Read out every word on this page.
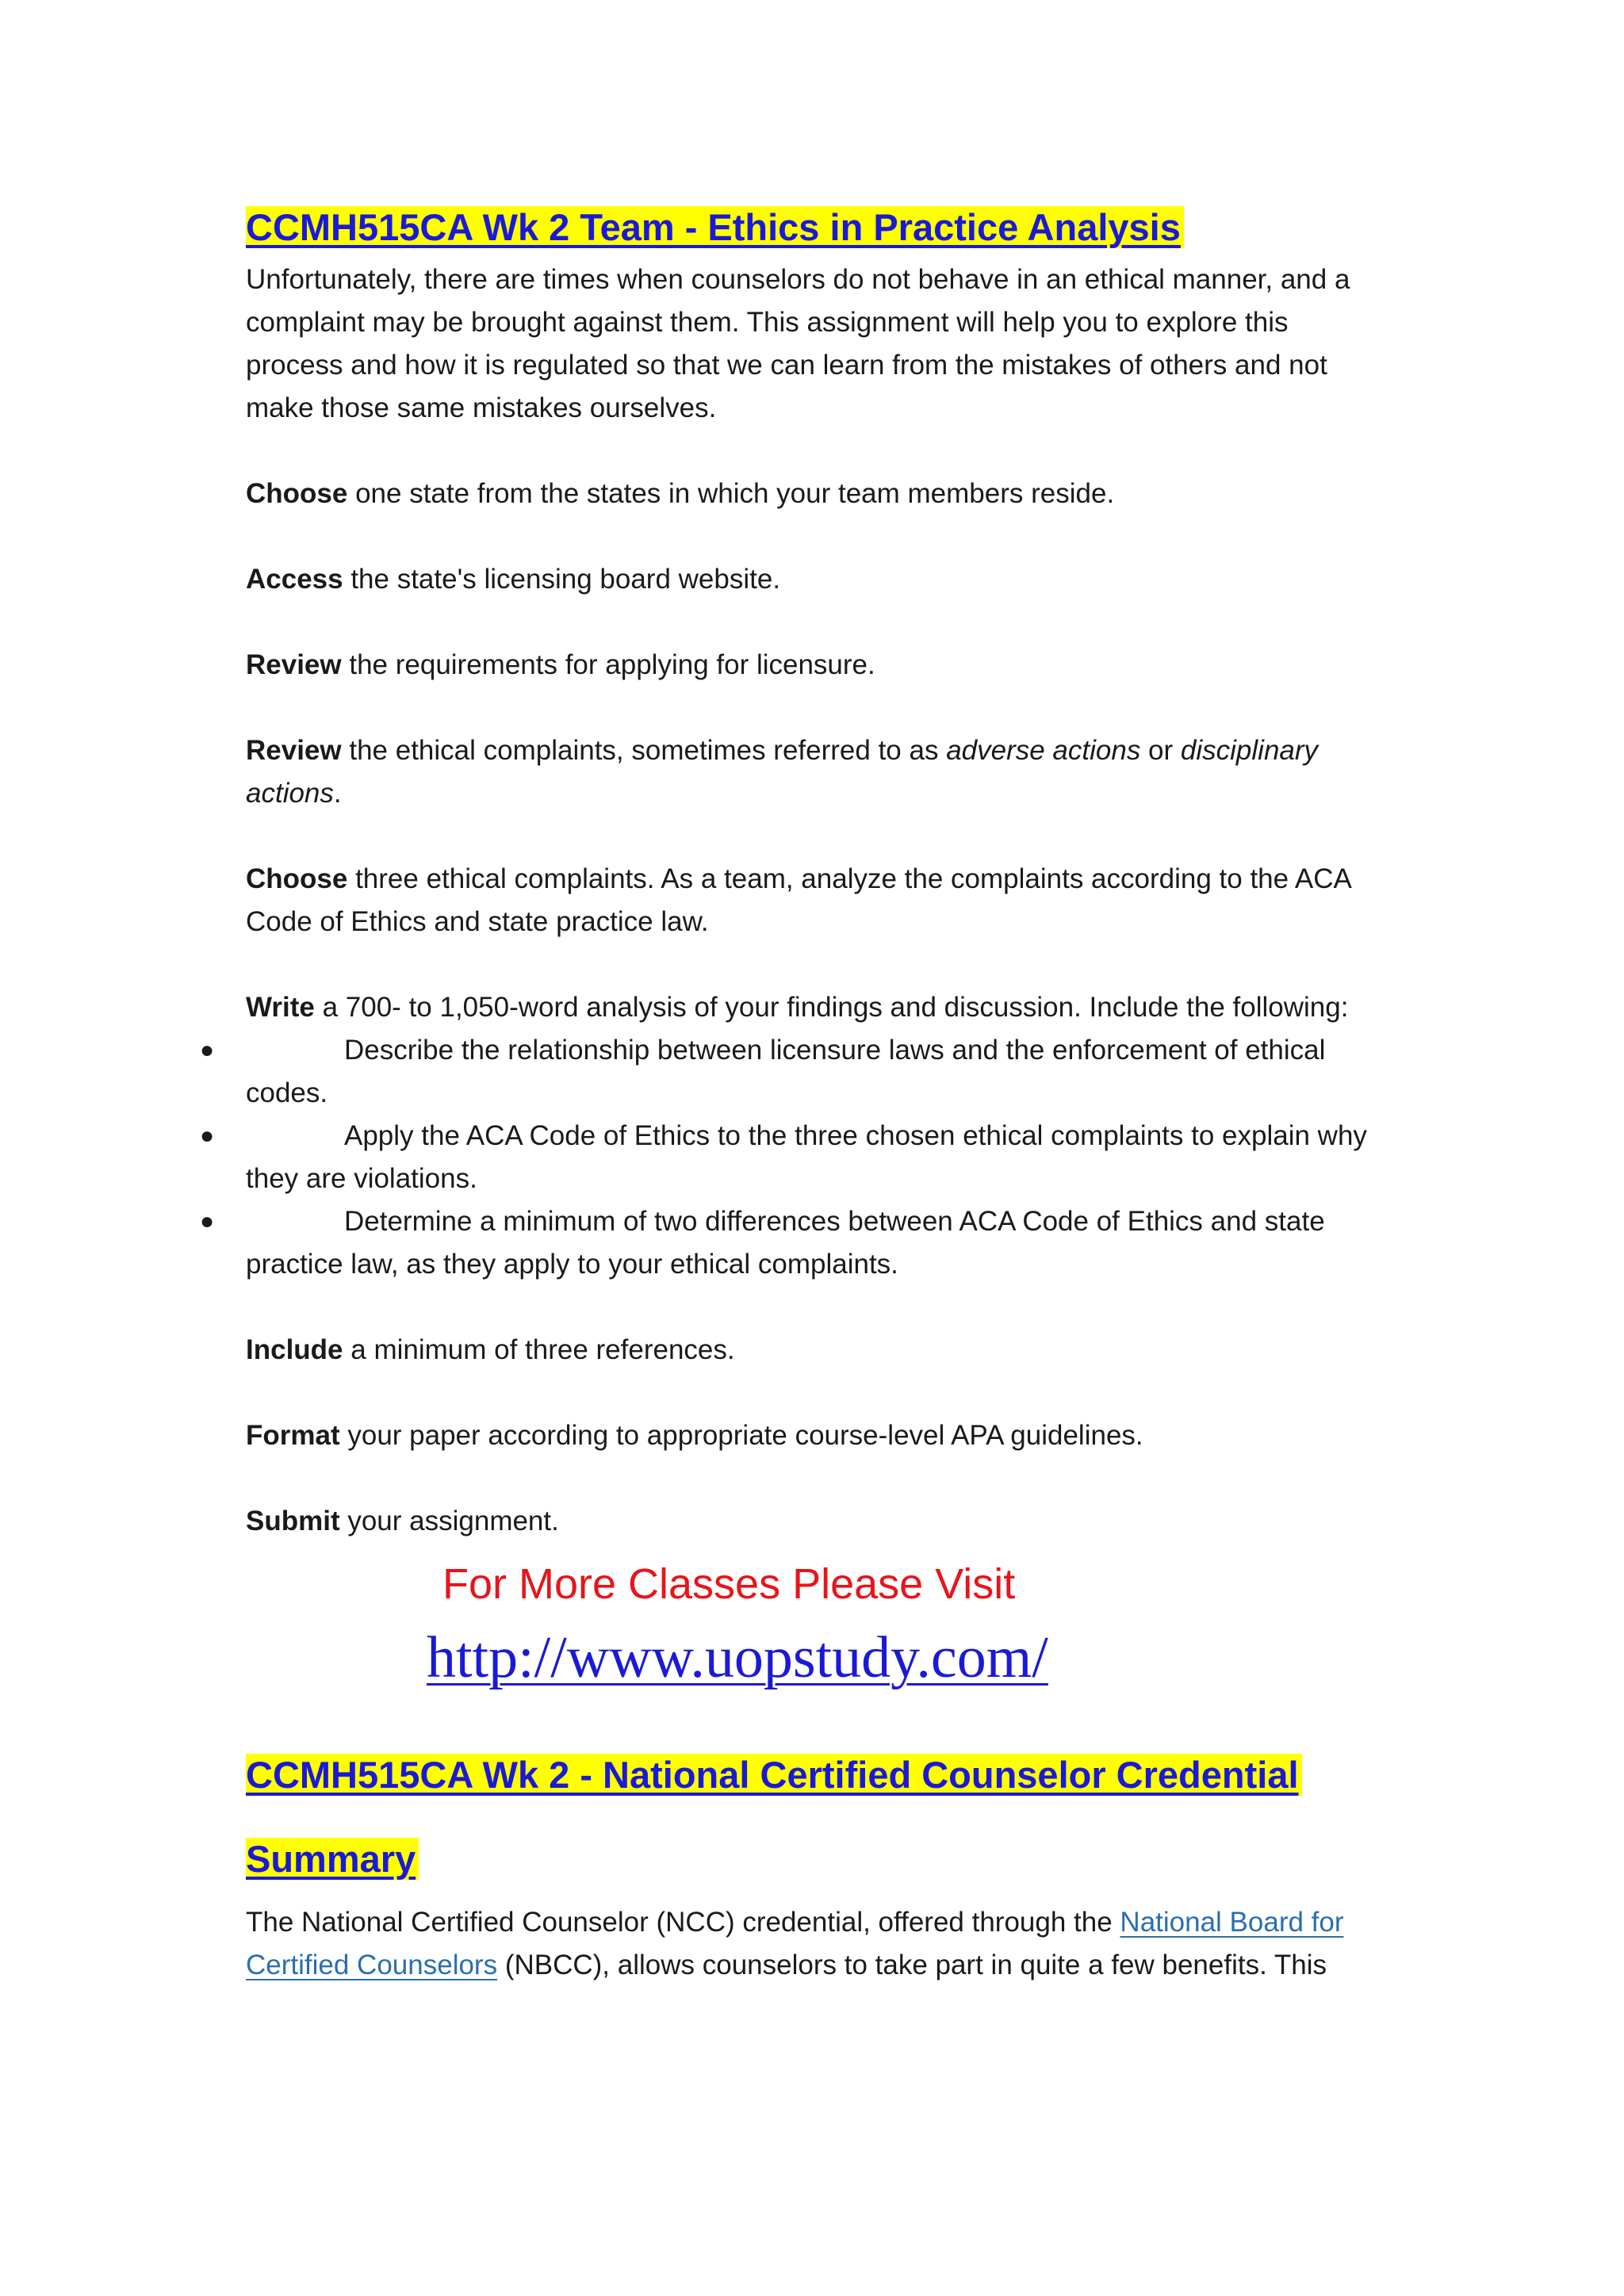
CCMH515CA Wk 2 Team - Ethics in Practice Analysis

Unfortunately, there are times when counselors do not behave in an ethical manner, and a complaint may be brought against them. This assignment will help you to explore this process and how it is regulated so that we can learn from the mistakes of others and not make those same mistakes ourselves.

Choose one state from the states in which your team members reside.

Access the state's licensing board website.

Review the requirements for applying for licensure.

Review the ethical complaints, sometimes referred to as adverse actions or disciplinary actions.

Choose three ethical complaints. As a team, analyze the complaints according to the ACA Code of Ethics and state practice law.

Write a 700- to 1,050-word analysis of your findings and discussion. Include the following:

●	Describe the relationship between licensure laws and the enforcement of ethical codes.
●	Apply the ACA Code of Ethics to the three chosen ethical complaints to explain why they are violations.
●	Determine a minimum of two differences between ACA Code of Ethics and state practice law, as they apply to your ethical complaints.

Include a minimum of three references.

Format your paper according to appropriate course-level APA guidelines.

Submit your assignment.

For More Classes Please Visit

http://www.uopstudy.com/

CCMH515CA Wk 2 - National Certified Counselor Credential
Summary

The National Certified Counselor (NCC) credential, offered through the National Board for Certified Counselors (NBCC), allows counselors to take part in quite a few benefits. This
